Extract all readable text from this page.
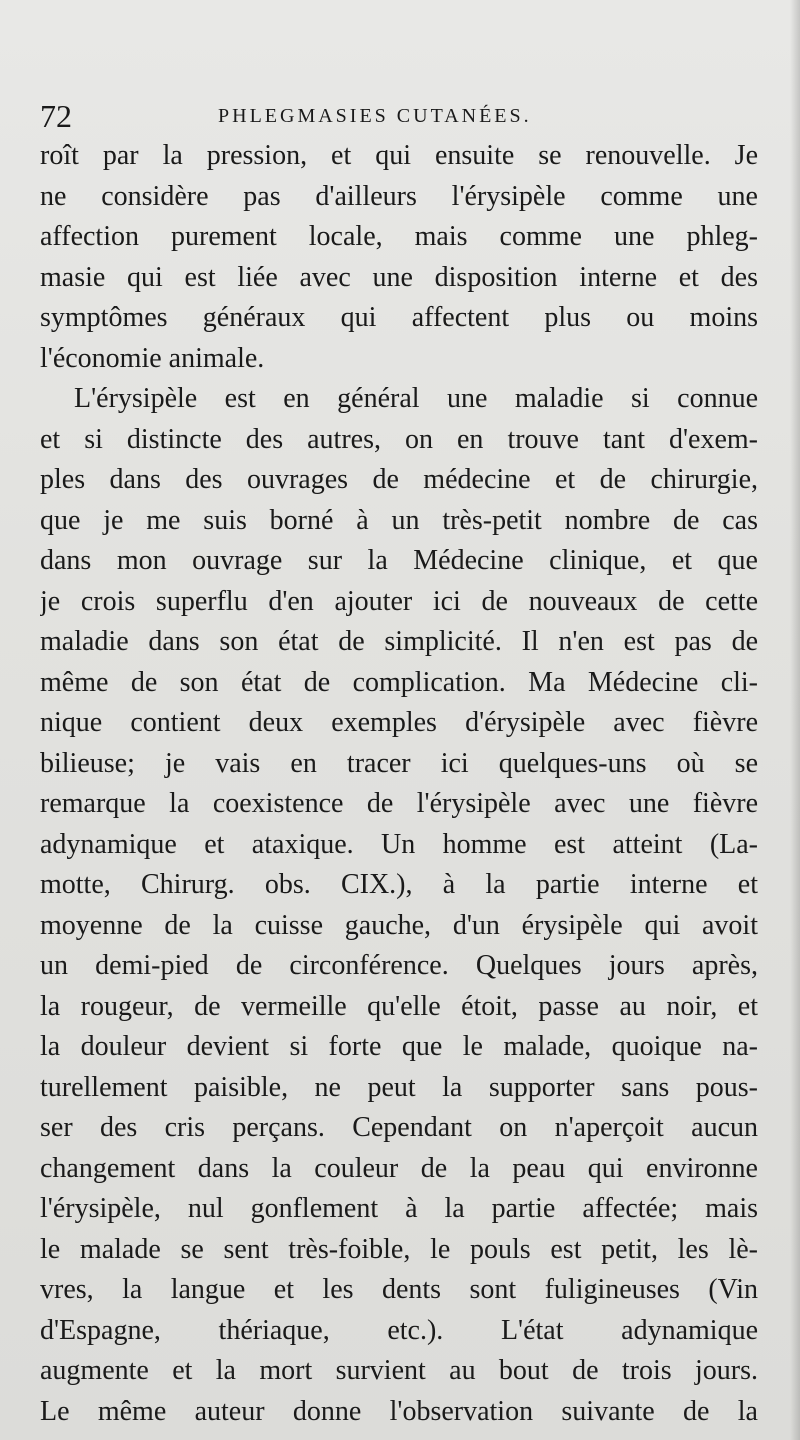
72	PHLEGMASIES CUTANÉES.
roît par la pression, et qui ensuite se renouvelle. Je
ne considère pas d'ailleurs l'érysipèle comme une
affection purement locale, mais comme une phleg-
masie qui est liée avec une disposition interne et des
symptômes généraux qui affectent plus ou moins
l'économie animale.
L'érysipèle est en général une maladie si connue
et si distincte des autres, on en trouve tant d'exem-
ples dans des ouvrages de médecine et de chirurgie,
que je me suis borné à un très-petit nombre de cas
dans mon ouvrage sur la Médecine clinique, et que
je crois superflu d'en ajouter ici de nouveaux de cette
maladie dans son état de simplicité. Il n'en est pas de
même de son état de complication. Ma Médecine cli-
nique contient deux exemples d'érysipèle avec fièvre
bilieuse; je vais en tracer ici quelques-uns où se
remarque la coexistence de l'érysipèle avec une fièvre
adynamique et ataxique. Un homme est atteint (La-
motte, Chirurg. obs. CIX.), à la partie interne et
moyenne de la cuisse gauche, d'un érysipèle qui avoit
un demi-pied de circonférence. Quelques jours après,
la rougeur, de vermeille qu'elle étoit, passe au noir, et
la douleur devient si forte que le malade, quoique na-
turellement paisible, ne peut la supporter sans pous-
ser des cris perçans. Cependant on n'aperçoit aucun
changement dans la couleur de la peau qui environne
l'érysipèle, nul gonflement à la partie affectée; mais
le malade se sent très-foible, le pouls est petit, les lè-
vres, la langue et les dents sont fuligineuses (Vin
d'Espagne, thériaque, etc.). L'état adynamique
augmente et la mort survient au bout de trois jours.
Le même auteur donne l'observation suivante de la
